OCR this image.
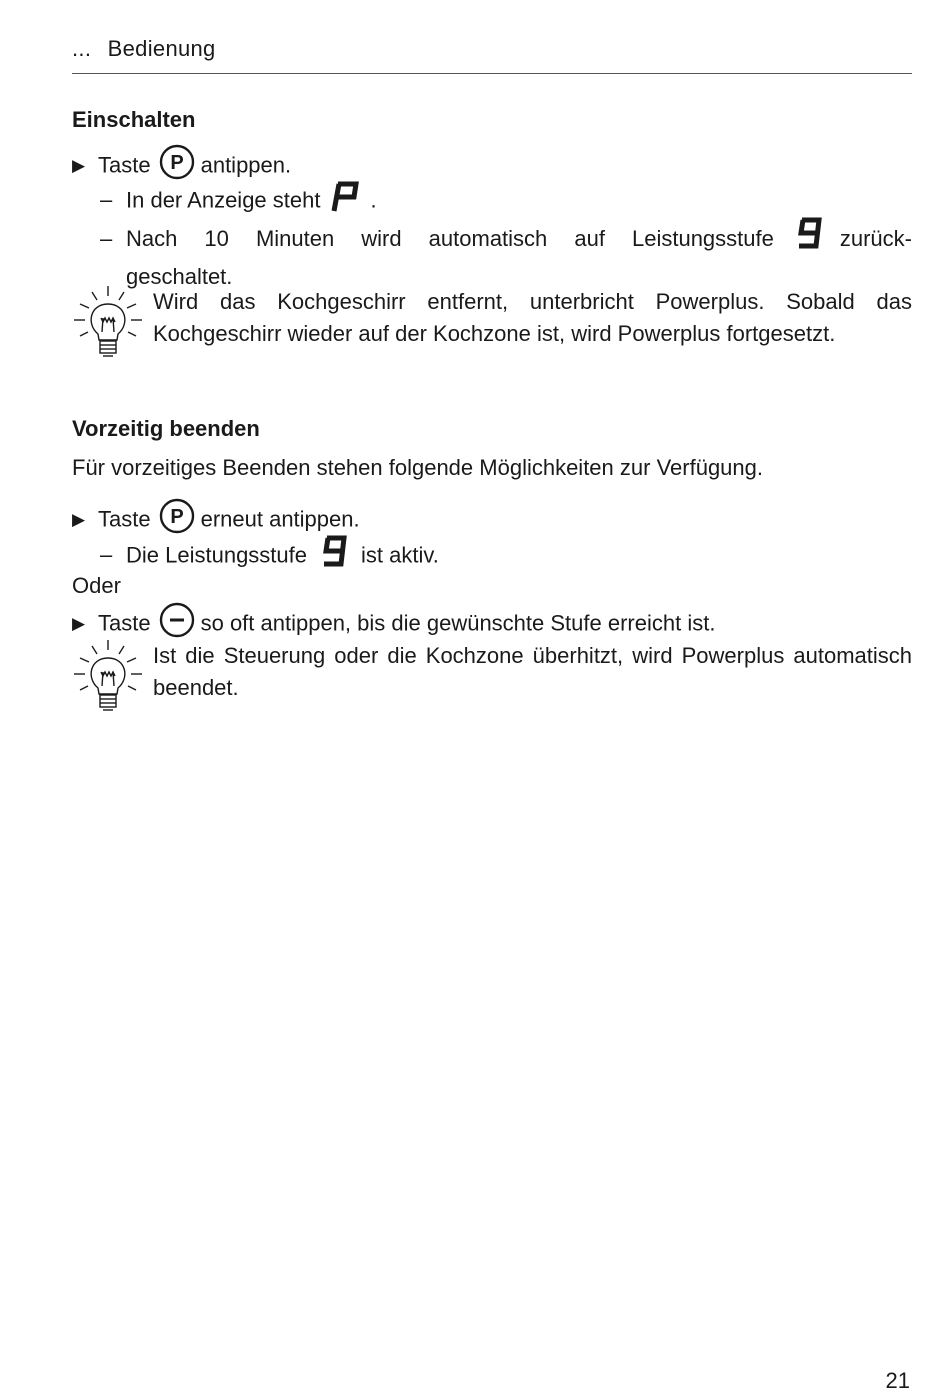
... Bedienung
Einschalten
▶ Taste P antippen.
– In der Anzeige steht .
– Nach 10 Minuten wird automatisch auf Leistungsstufe	zurück-
geschaltet.
Wird das Kochgeschirr entfernt, unterbricht Powerplus. Sobald das Kochgeschirr wieder auf der Kochzone ist, wird Powerplus fortgesetzt.
Vorzeitig beenden
Für vorzeitiges Beenden stehen folgende Möglichkeiten zur Verfügung.
▶ Taste P erneut antippen.
– Die Leistungsstufe ist aktiv.
Oder
▶ Taste so oft antippen, bis die gewünschte Stufe erreicht ist.
Ist die Steuerung oder die Kochzone überhitzt, wird Powerplus automatisch beendet.
21
